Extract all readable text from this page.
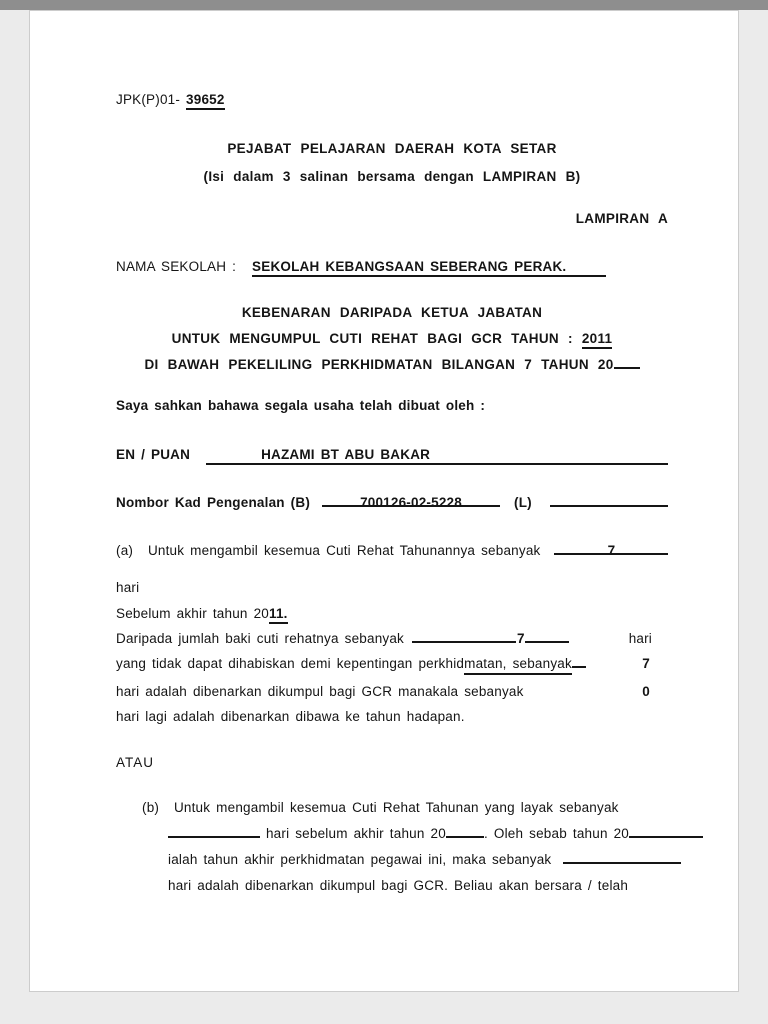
JPK(P)01- 39652
PEJABAT PELAJARAN DAERAH KOTA SETAR
(Isi dalam 3 salinan bersama dengan LAMPIRAN B)
LAMPIRAN A
NAMA SEKOLAH : SEKOLAH KEBANGSAAN SEBERANG PERAK.
KEBENARAN DARIPADA KETUA JABATAN
UNTUK MENGUMPUL CUTI REHAT BAGI GCR TAHUN : 2011
DI BAWAH PEKELILING PERKHIDMATAN BILANGAN 7 TAHUN 20
Saya sahkan bahawa segala usaha telah dibuat oleh :
EN / PUAN	HAZAMI BT ABU BAKAR
Nombor Kad Pengenalan (B)	700126-02-5228	(L)
(a) Untuk mengambil kesemua Cuti Rehat Tahunannya sebanyak	7
hari
Sebelum akhir tahun 2011.
Daripada jumlah baki cuti rehatnya sebanyak	7	hari
yang tidak dapat dihabiskan demi kepentingan perkhid matan, sebanyak	7
hari adalah dibenarkan dikumpul bagi GCR manakala sebanyak	0
hari lagi adalah dibenarkan dibawa ke tahun hadapan.
ATAU
(b) Untuk mengambil kesemua Cuti Rehat Tahunan yang layak sebanyak
hari sebelum akhir tahun 20	. Oleh sebab tahun 20
ialah tahun akhir perkhidmatan pegawai ini, maka sebanyak
hari adalah dibenarkan dikumpul bagi GCR. Beliau akan bersara / telah
